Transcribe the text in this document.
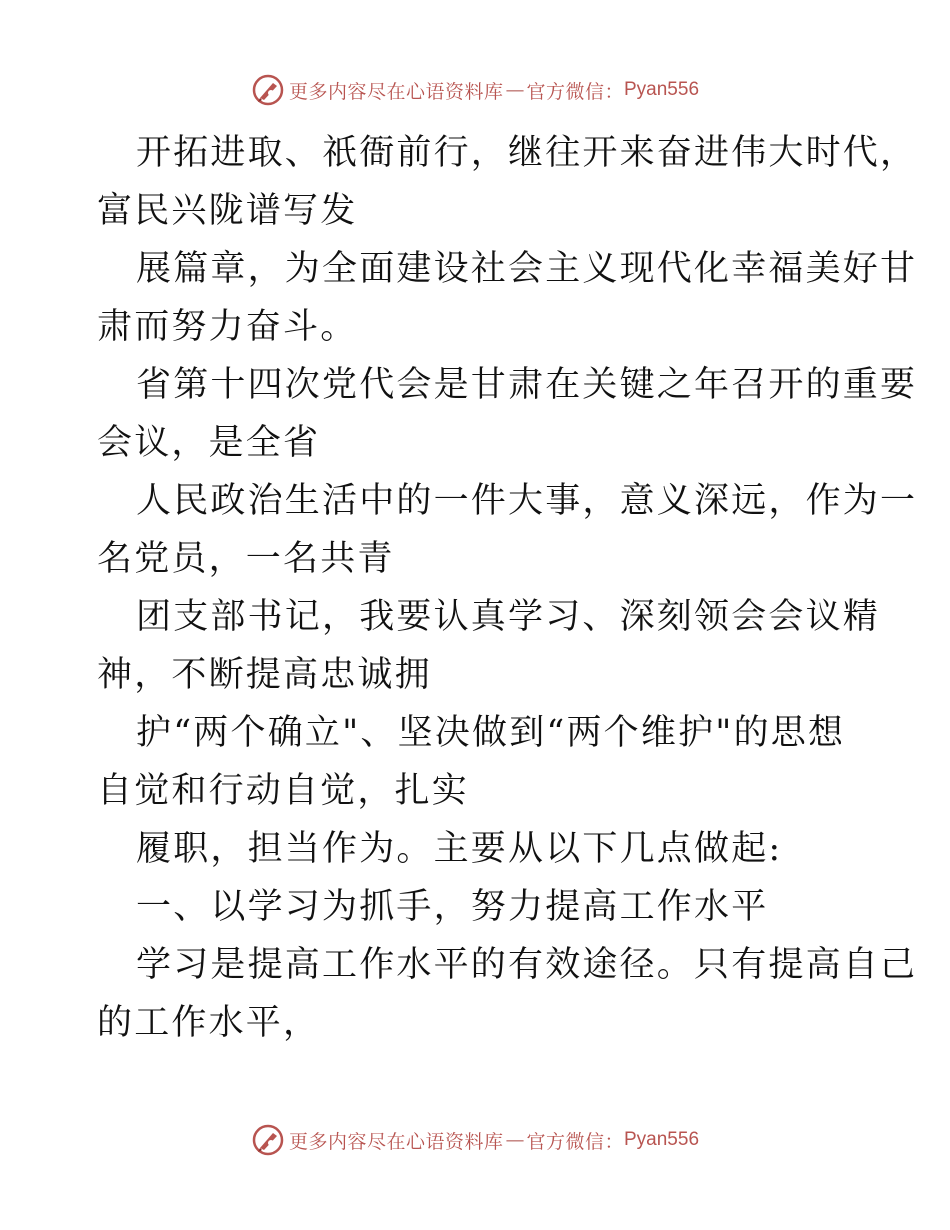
更多内容尽在心语资料库 — 官方微信： Pyan556
开拓进取、祇衙前行，继往开来奋进伟大时代，
富民兴陇谱写发
展篇章，为全面建设社会主义现代化幸福美好甘
肃而努力奋斗。
省第十四次党代会是甘肃在关键之年召开的重要
会议，是全省
人民政治生活中的一件大事，意义深远，作为一
名党员，一名共青
团支部书记，我要认真学习、深刻领会会议精
神，不断提高忠诚拥
护“两个确立"、坚决做到“两个维护"的思想
自觉和行动自觉，扎实
履职，担当作为。主要从以下几点做起:
一、以学习为抓手，努力提高工作水平
学习是提高工作水平的有效途径。只有提高自己
的工作水平，
更多内容尽在心语资料库 — 官方微信： Pyan556
